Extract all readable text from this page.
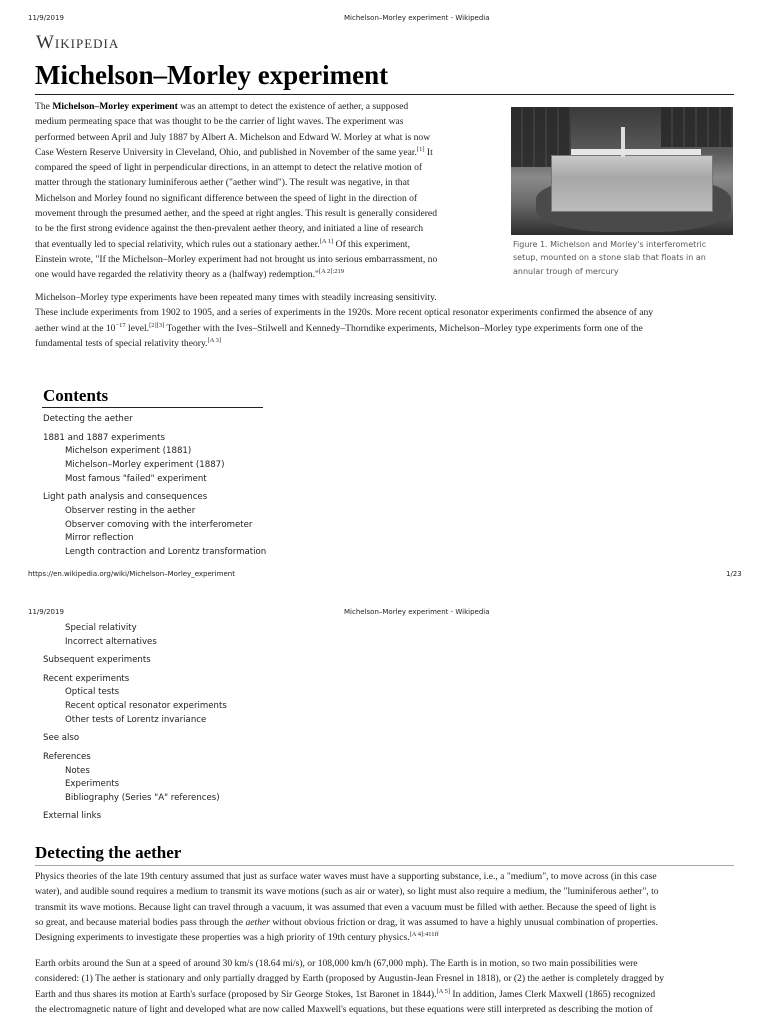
11/9/2019	Michelson–Morley experiment - Wikipedia
Wikipedia
Michelson–Morley experiment
The Michelson–Morley experiment was an attempt to detect the existence of aether, a supposed
medium permeating space that was thought to be the carrier of light waves. The experiment was
performed between April and July 1887 by Albert A. Michelson and Edward W. Morley at what is now
Case Western Reserve University in Cleveland, Ohio, and published in November of the same year.[1] It
compared the speed of light in perpendicular directions, in an attempt to detect the relative motion of
matter through the stationary luminiferous aether ("aether wind"). The result was negative, in that
Michelson and Morley found no significant difference between the speed of light in the direction of
movement through the presumed aether, and the speed at right angles. This result is generally considered
to be the first strong evidence against the then-prevalent aether theory, and initiated a line of research
that eventually led to special relativity, which rules out a stationary aether.[A 1] Of this experiment,
Einstein wrote, "If the Michelson–Morley experiment had not brought us into serious embarrassment, no
one would have regarded the relativity theory as a (halfway) redemption."$^{[A 2]:219}$
Figure 1. Michelson and Morley's interferometric
setup, mounted on a stone slab that floats in an
annular trough of mercury
Michelson–Morley type experiments have been repeated many times with steadily increasing sensitivity.
These include experiments from 1902 to 1905, and a series of experiments in the 1920s. More recent optical resonator experiments confirmed the absence of any
aether wind at the $10^{-17}$ level.[2][3] Together with the Ives–Stilwell and Kennedy–Thorndike experiments, Michelson–Morley type experiments form one of the
fundamental tests of special relativity theory.[A 3]
Contents
Detecting the aether
1881 and 1887 experiments
Michelson experiment (1881)
Michelson–Morley experiment (1887)
Most famous "failed" experiment
Light path analysis and consequences
Observer resting in the aether
Observer comoving with the interferometer
Mirror reflection
Length contraction and Lorentz transformation
https://en.wikipedia.org/wiki/Michelson–Morley_experiment	1/23
11/9/2019	Michelson–Morley experiment - Wikipedia
Special relativity
Incorrect alternatives
Subsequent experiments
Recent experiments
Optical tests
Recent optical resonator experiments
Other tests of Lorentz invariance
See also
References
Notes
Experiments
Bibliography (Series "A" references)
External links
Detecting the aether
Physics theories of the late 19th century assumed that just as surface water waves must have a supporting substance, i.e., a "medium", to move across (in this case
water), and audible sound requires a medium to transmit its wave motions (such as air or water), so light must also require a medium, the "luminiferous aether", to
transmit its wave motions. Because light can travel through a vacuum, it was assumed that even a vacuum must be filled with aether. Because the speed of light is
so great, and because material bodies pass through the aether without obvious friction or drag, it was assumed to have a highly unusual combination of properties.
Designing experiments to investigate these properties was a high priority of 19th century physics.$^{[A 4]:411ff}$
Earth orbits around the Sun at a speed of around 30 km/s (18.64 mi/s), or 108,000 km/h (67,000 mph). The Earth is in motion, so two main possibilities were
considered: (1) The aether is stationary and only partially dragged by Earth (proposed by Augustin-Jean Fresnel in 1818), or (2) the aether is completely dragged by
Earth and thus shares its motion at Earth's surface (proposed by Sir George Stokes, 1st Baronet in 1844).[A 5] In addition, James Clerk Maxwell (1865) recognized
the electromagnetic nature of light and developed what are now called Maxwell's equations, but these equations were still interpreted as describing the motion of
